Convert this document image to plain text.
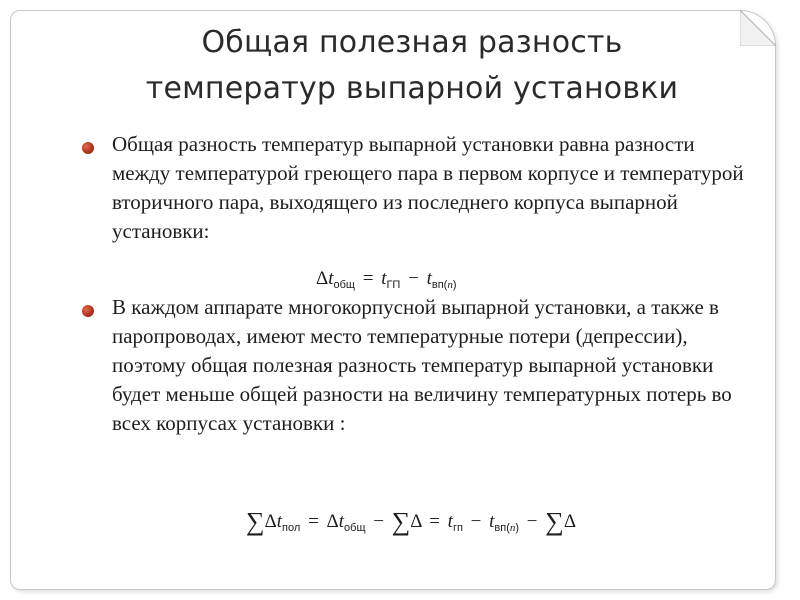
Общая полезная разность
температур выпарной установки

Общая разность температур выпарной установки равна разности между температурой греющего пара в первом корпусе и температурой вторичного пара, выходящего из последнего корпуса выпарной установки:

$\Delta t_{общ} = t_{ГП} - t_{вп(n)}$

В каждом аппарате многокорпусной выпарной установки, а также в паропроводах, имеют место температурные потери (депрессии), поэтому общая полезная разность температур выпарной установки будет меньше общей разности на величину температурных потерь во всех корпусах установки :

$\sum\Delta t_{пол} = \Delta t_{общ} - \sum\Delta = t_{гп} - t_{вп(n)} - \sum\Delta$
